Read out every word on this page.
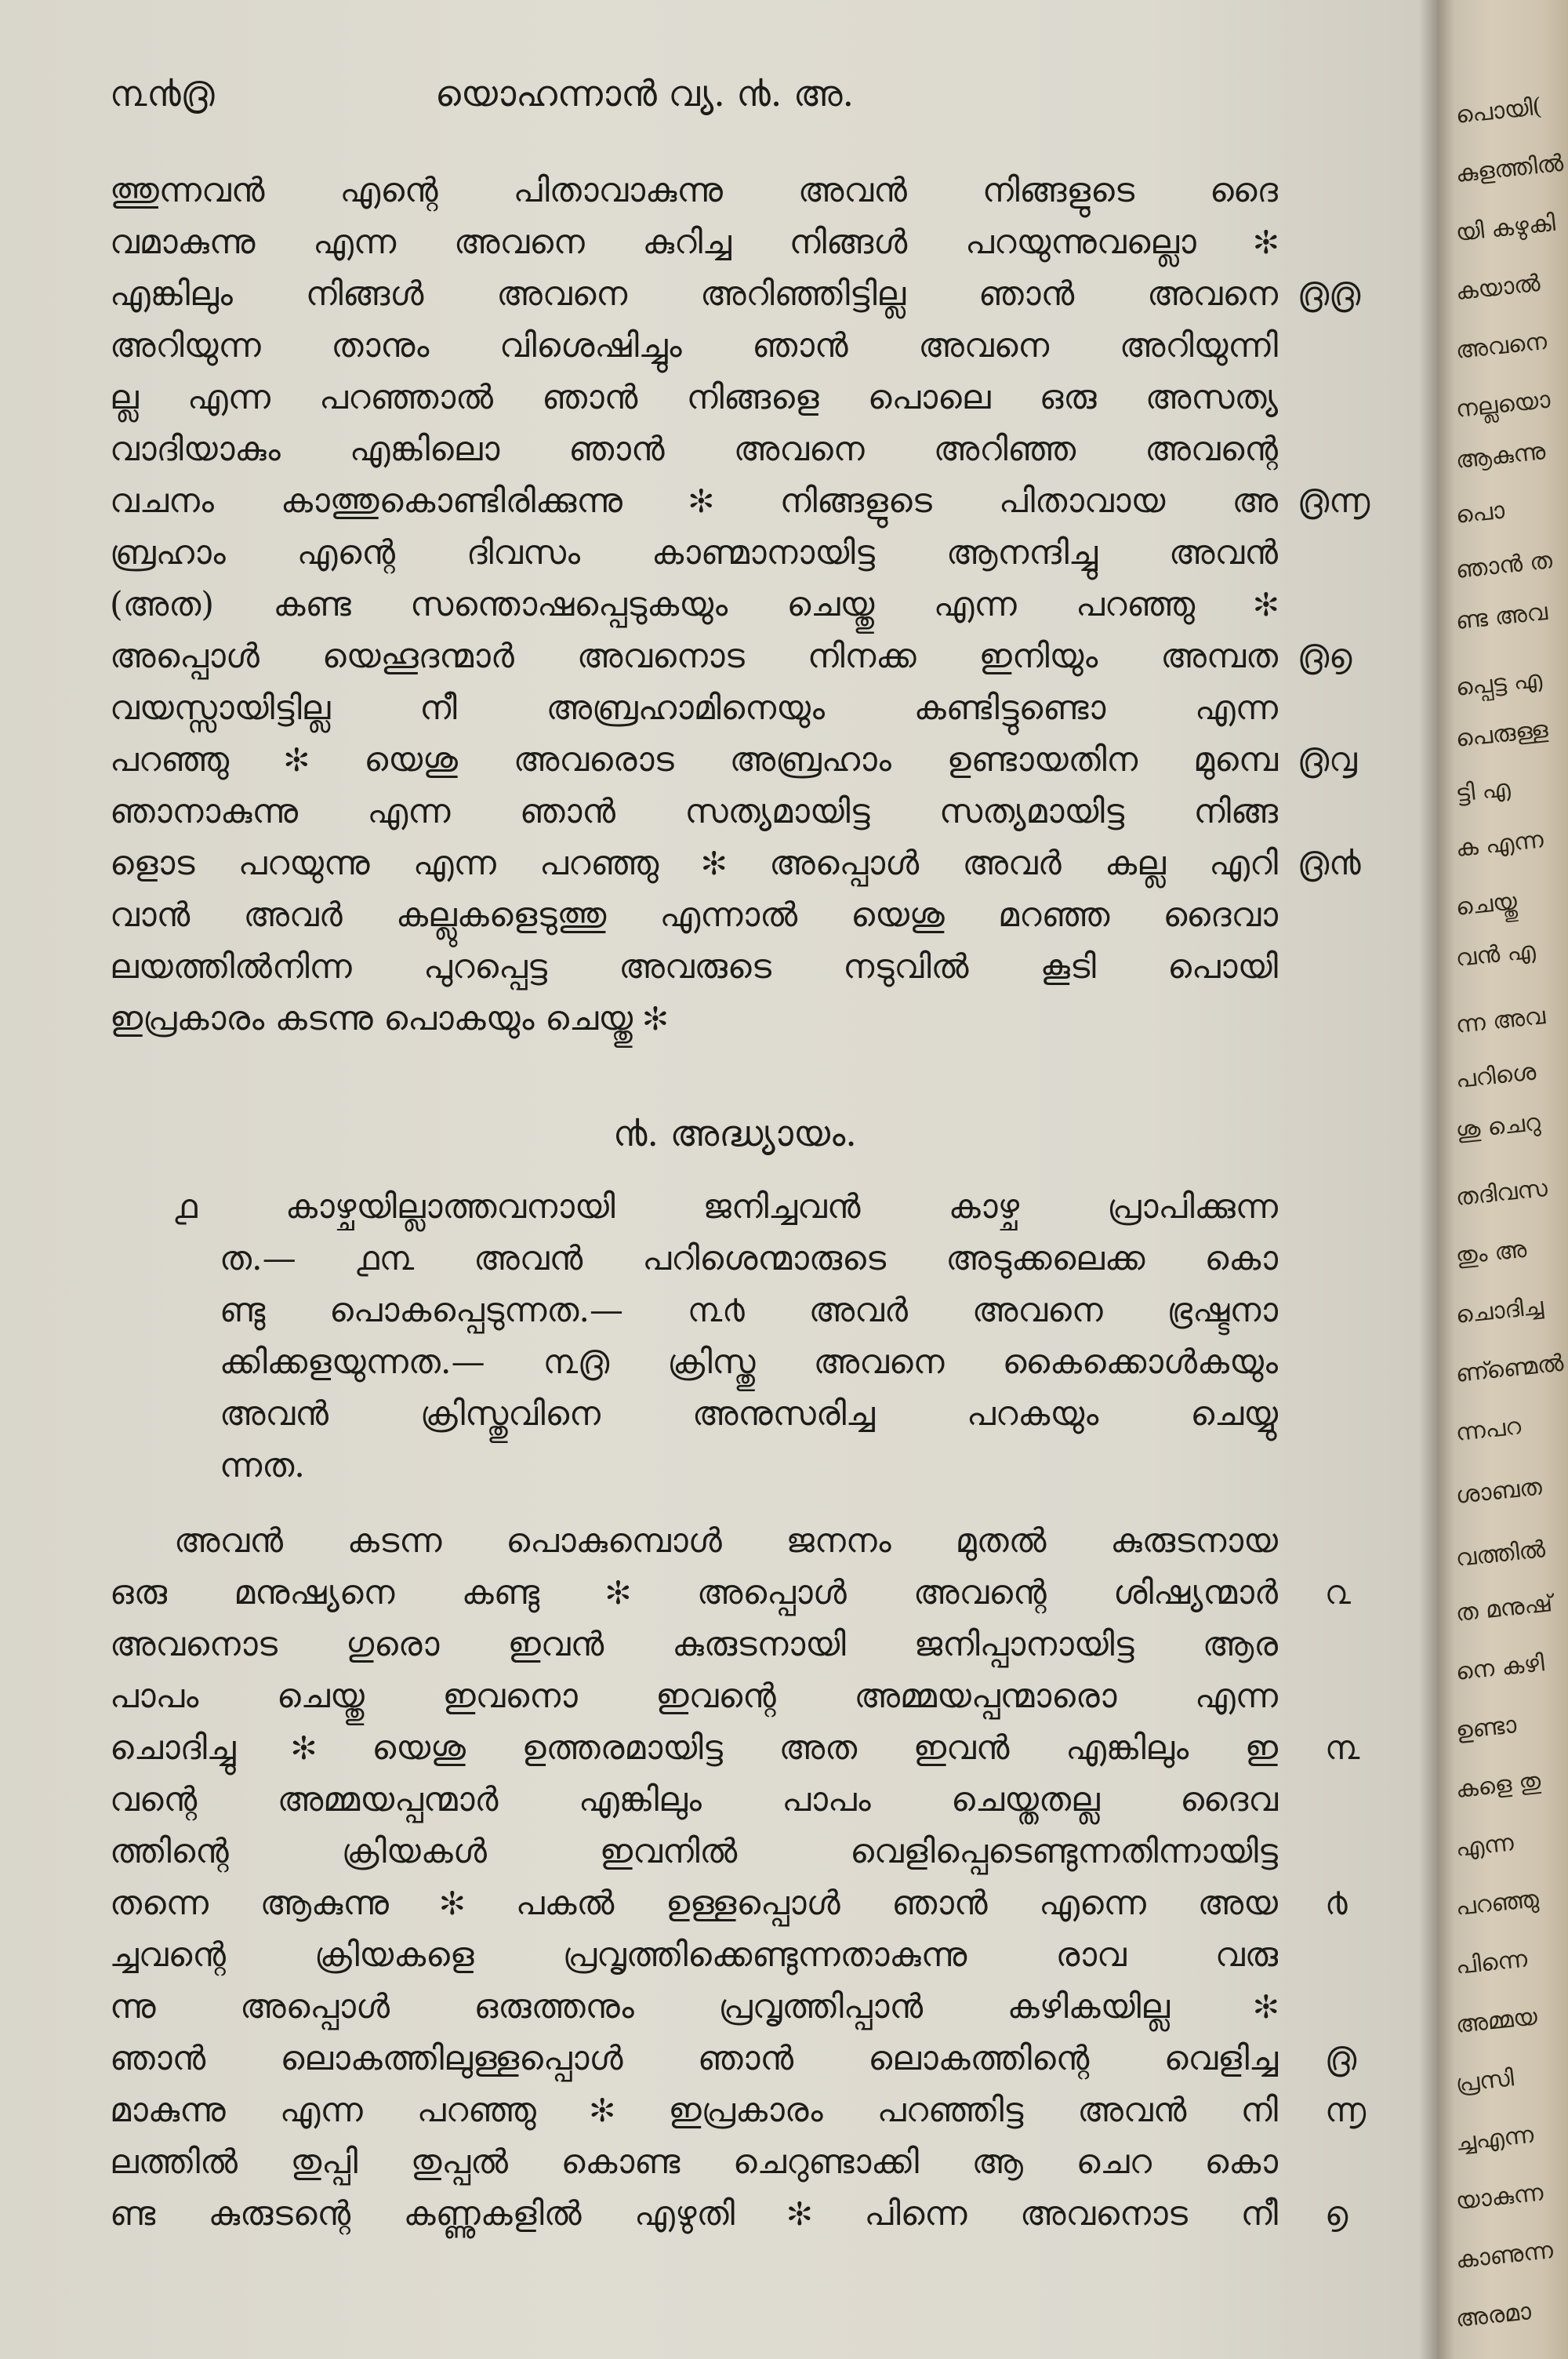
൩൯൫	യൊഹന്നാൻ വ്യ. ൯. അ.
ത്തുന്നവൻ എന്റെ പിതാവാകുന്നു അവൻ നിങ്ങളുടെ ദൈ
വമാകുന്നു എന്ന അവനെ കുറിച്ച നിങ്ങൾ പറയുന്നുവല്ലൊ ✻
എങ്കിലും നിങ്ങൾ അവനെ അറിഞ്ഞിട്ടില്ല ഞാൻ അവനെ
അറിയുന്ന താനും വിശെഷിച്ചും ഞാൻ അവനെ അറിയുന്നി
ല്ല എന്ന പറഞ്ഞാൽ ഞാൻ നിങ്ങളെ പൊലെ ഒരു അസത്യ
വാദിയാകും എങ്കിലൊ ഞാൻ അവനെ അറിഞ്ഞ അവന്റെ
വചനം കാത്തുകൊണ്ടിരിക്കുന്നു ✻ നിങ്ങളുടെ പിതാവായ അ
ബ്രഹാം എന്റെ ദിവസം കാണ്മാനായിട്ട ആനന്ദിച്ചു അവൻ
(അത) കണ്ട സന്തൊഷപ്പെടുകയും ചെയ്തു എന്ന പറഞ്ഞു ✻
അപ്പൊൾ യെഹൂദന്മാർ അവനൊട നിനക്ക ഇനിയും അമ്പത
വയസ്സായിട്ടില്ല നീ അബ്രഹാമിനെയും കണ്ടിട്ടുണ്ടൊ എന്ന
പറഞ്ഞു ✻ യെശു അവരൊട അബ്രഹാം ഉണ്ടായതിന മുമ്പെ
ഞാനാകുന്നു എന്ന ഞാൻ സത്യമായിട്ട സത്യമായിട്ട നിങ്ങ
ളൊട പറയുന്നു എന്ന പറഞ്ഞു ✻ അപ്പൊൾ അവർ കല്ല എറി
വാൻ അവർ കല്ലുകളെടുത്തു എന്നാൽ യെശു മറഞ്ഞ ദൈവാ
ലയത്തിൽനിന്ന പുറപ്പെട്ട അവരുടെ നടുവിൽ കൂടി പൊയി
ഇപ്രകാരം കടന്നു പൊകയും ചെയ്തു ✻
൫൫
൫൬
൫൭
൫൮
൫൯
൯. അദ്ധ്യായം.
൧ കാഴ്ചയില്ലാത്തവനായി ജനിച്ചവൻ കാഴ്ച പ്രാപിക്കുന്ന
ത.— ൧൩ അവൻ പറിശെന്മാരുടെ അടുക്കലെക്ക കൊ
ണ്ടു പൊകപ്പെടുന്നത.— ൩൪ അവർ അവനെ ഭ്രഷ്ടനാ
ക്കിക്കളയുന്നത.— ൩൫ ക്രിസ്തു അവനെ കൈക്കൊൾകയും
അവൻ ക്രിസ്തുവിനെ അനുസരിച്ച പറകയും ചെയ്യു
ന്നത.
അവൻ കടന്ന പൊകുമ്പൊൾ ജനനം മുതൽ കുരുടനായ
ഒരു മനുഷ്യനെ കണ്ടു ✻ അപ്പൊൾ അവന്റെ ശിഷ്യന്മാർ
അവനൊട ഗുരൊ ഇവൻ കുരുടനായി ജനിപ്പാനായിട്ട ആര
പാപം ചെയ്തു ഇവനൊ ഇവന്റെ അമ്മയപ്പന്മാരൊ എന്ന
ചൊദിച്ചു ✻ യെശു ഉത്തരമായിട്ട അത ഇവൻ എങ്കിലും ഇ
വന്റെ അമ്മയപ്പന്മാർ എങ്കിലും പാപം ചെയ്തതല്ല ദൈവ
ത്തിന്റെ ക്രിയകൾ ഇവനിൽ വെളിപ്പെടെണ്ടുന്നതിന്നായിട്ട
തന്നെ ആകുന്നു ✻ പകൽ ഉള്ളപ്പൊൾ ഞാൻ എന്നെ അയ
ച്ചവന്റെ ക്രിയകളെ പ്രവൃത്തിക്കെണ്ടുന്നതാകുന്നു രാവ വരു
ന്നു അപ്പൊൾ ഒരുത്തനും പ്രവൃത്തിപ്പാൻ കഴികയില്ല ✻
ഞാൻ ലൊകത്തിലുള്ളപ്പൊൾ ഞാൻ ലൊകത്തിന്റെ വെളിച്ച
മാകുന്നു എന്ന പറഞ്ഞു ✻ ഇപ്രകാരം പറഞ്ഞിട്ട അവൻ നി
ലത്തിൽ തുപ്പി തുപ്പൽ കൊണ്ട ചെറുണ്ടാക്കി ആ ചെറ കൊ
ണ്ട കുരുടന്റെ കണ്ണുകളിൽ എഴുതി ✻ പിന്നെ അവനൊട നീ
൨
൩
൪
൫
൬
൭
പൊയി(
കുളത്തിൽ
യി കഴുകി
കയാൽ
അവനെ
നല്ലയൊ
ആകുന്നു
പൊ
ഞാൻ ത
ണ്ട അവ
പ്പെട്ട എ
പെരുള്ള
ട്ടി എ
ക എന്ന
ചെയ്തു
വൻ എ
ന്ന അവ
പറിശെ
ശു ചെറു
തദിവസ
തും അ
ചൊദിച്ച
ണ്ണ്മെൽ
ന്നപറ
ശാബത
വത്തിൽ
ത മനുഷ്
നെ കഴി
ഉണ്ടാ
കളെ തു
എന്ന
പറഞ്ഞു
പിന്നെ
അമ്മയ
പ്രസി
ച്ചഎന്ന
യാകുന്ന
കാണുന്ന
അരമാ
